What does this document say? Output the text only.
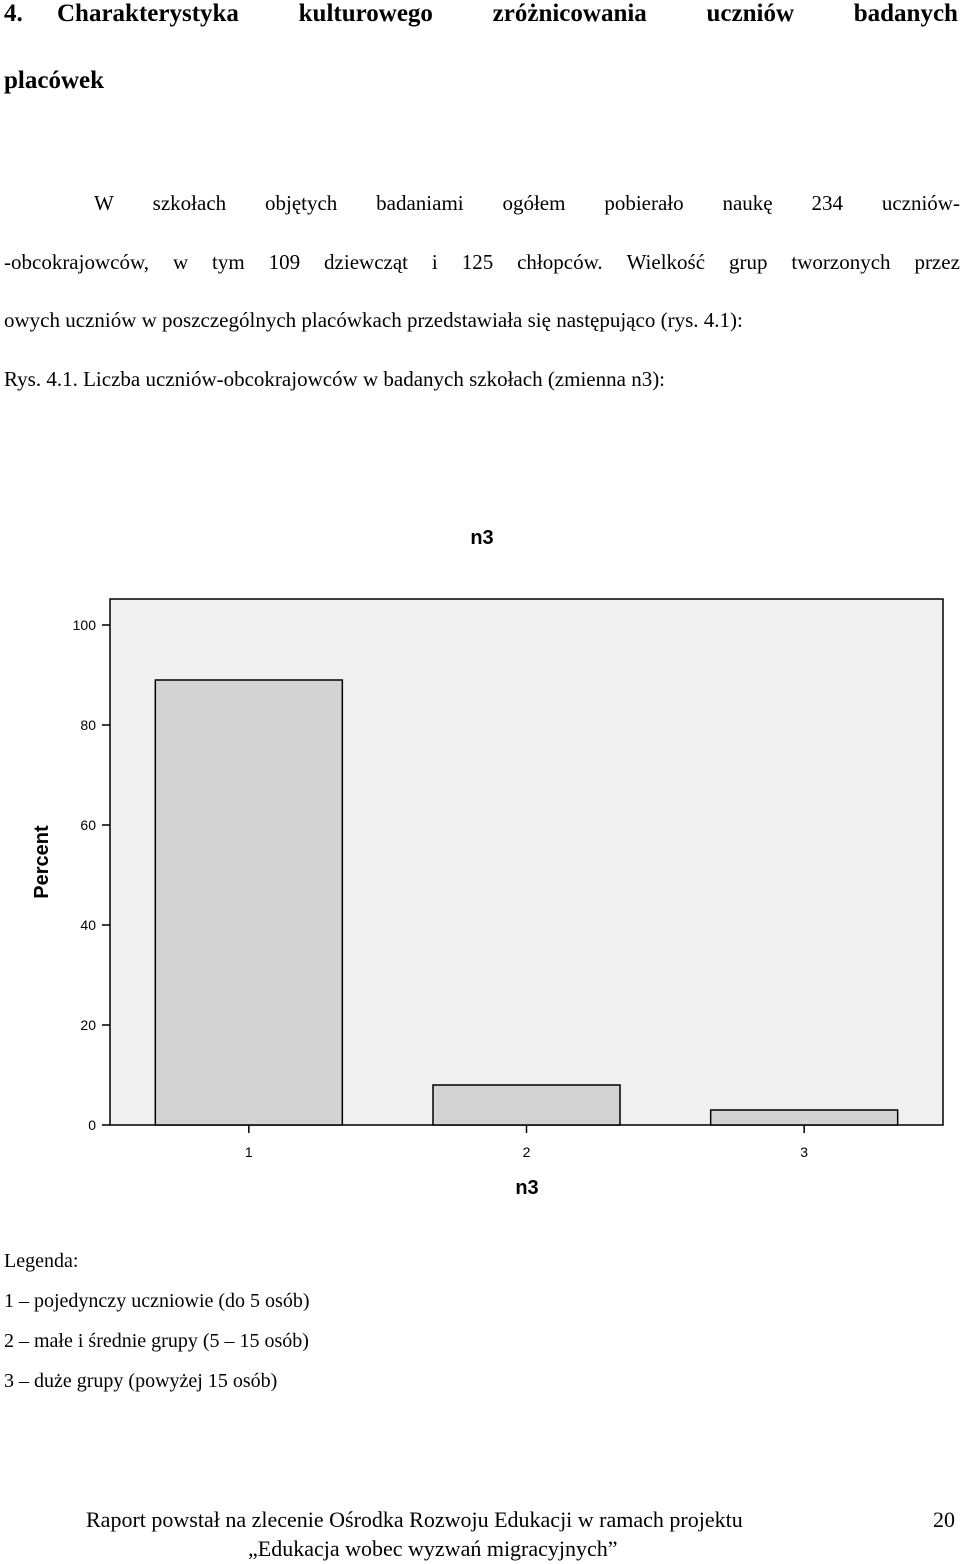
4. Charakterystyka kulturowego zróżnicowania uczniów badanych
placówek
W szkołach objętych badaniami ogółem pobierało naukę 234 uczniów-
-obcokrajowców, w tym 109 dziewcząt i 125 chłopców. Wielkość grup tworzonych przez
owych uczniów w poszczególnych placówkach przedstawiała się następująco (rys. 4.1):
Rys. 4.1. Liczba uczniów-obcokrajowców w badanych szkołach (zmienna n3):
n3
0
20
40
60
80
100
Percent
1	2	3
n3
Legenda:
1 – pojedynczy uczniowie (do 5 osób)
2 – małe i średnie grupy (5 – 15 osób)
3 – duże grupy (powyżej 15 osób)
Raport powstał na zlecenie Ośrodka Rozwoju Edukacji w ramach projektu
„Edukacja wobec wyzwań migracyjnych”
20
